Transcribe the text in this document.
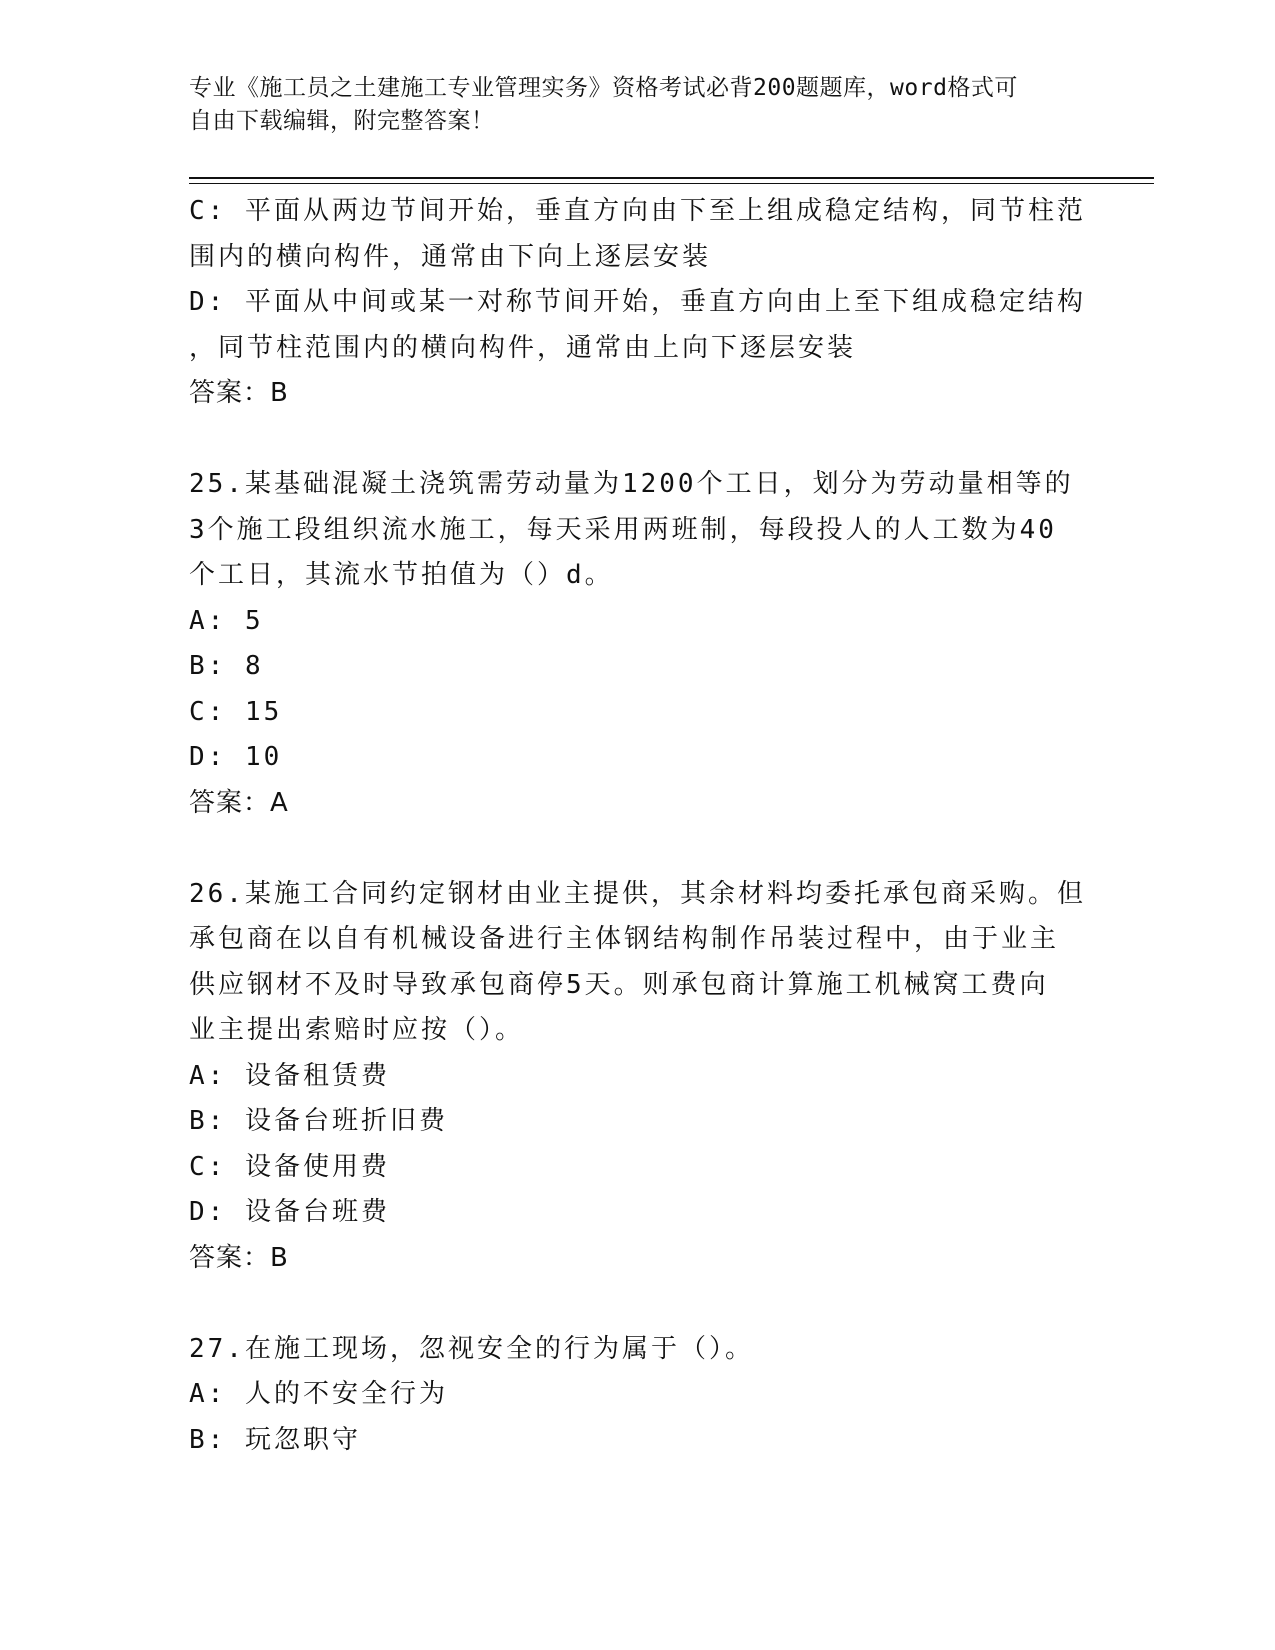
专业《施工员之土建施工专业管理实务》资格考试必背200题题库，word格式可
自由下载编辑，附完整答案！
C: 平面从两边节间开始，垂直方向由下至上组成稳定结构，同节柱范
围内的横向构件，通常由下向上逐层安装
D: 平面从中间或某一对称节间开始，垂直方向由上至下组成稳定结构
，同节柱范围内的横向构件，通常由上向下逐层安装
答案：B
25.某基础混凝土浇筑需劳动量为1200个工日，划分为劳动量相等的
3个施工段组织流水施工，每天采用两班制，每段投人的人工数为40
个工日，其流水节拍值为（）d。
A: 5
B: 8
C: 15
D: 10
答案：A
26.某施工合同约定钢材由业主提供，其余材料均委托承包商采购。但
承包商在以自有机械设备进行主体钢结构制作吊装过程中，由于业主
供应钢材不及时导致承包商停5天。则承包商计算施工机械窝工费向
业主提出索赔时应按（）。
A: 设备租赁费
B: 设备台班折旧费
C: 设备使用费
D: 设备台班费
答案：B
27.在施工现场，忽视安全的行为属于（）。
A: 人的不安全行为
B: 玩忽职守
